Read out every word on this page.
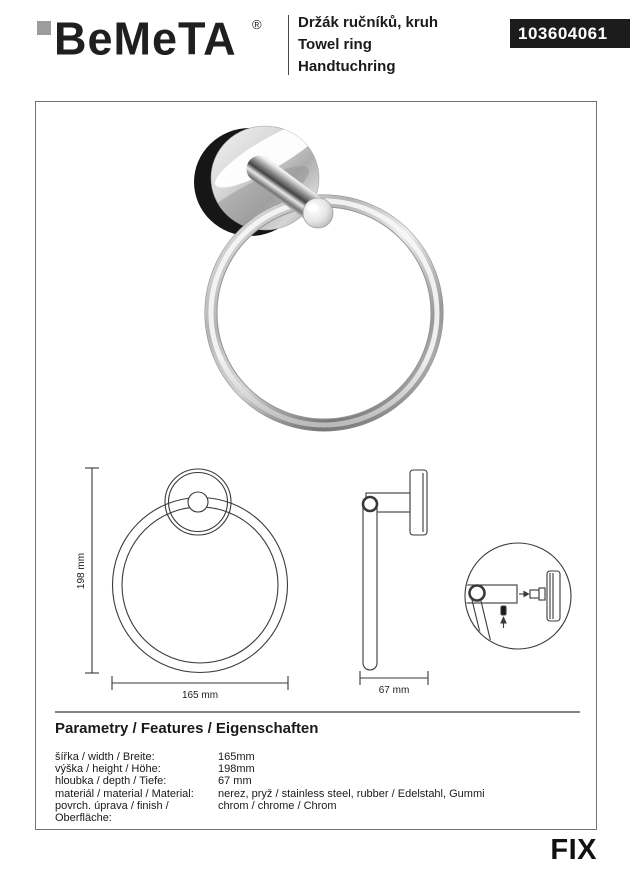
BeMeTA ® Držák ručníků, kruh
Towel ring
Handtuchring
103604061
198 mm
165 mm	67 mm
Parametry / Features / Eigenschaften
šířka / width / Breite:	165mm
výška / height / Höhe:	198mm
hloubka / depth / Tiefe:	67 mm
materiál / material / Material:	nerez, pryž / stainless steel, rubber / Edelstahl, Gummi
povrch. úprava / finish / Oberfläche:
chrom / chrome / Chrom
FIX
